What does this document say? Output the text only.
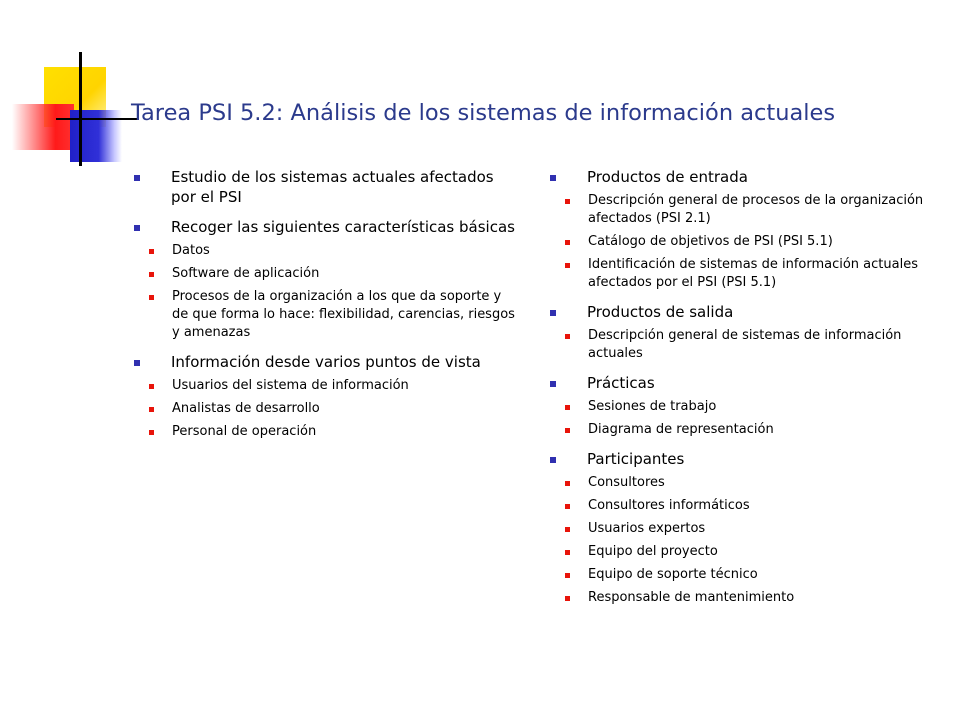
Tarea PSI 5.2: Análisis de los sistemas de información actuales
Estudio de los sistemas actuales afectados por el PSI
Recoger las siguientes características básicas
Datos
Software de aplicación
Procesos de la organización a los que da soporte y de que forma lo hace: flexibilidad, carencias, riesgos y amenazas
Información desde varios puntos de vista
Usuarios del sistema de información
Analistas de desarrollo
Personal de operación
Productos de entrada
Descripción general de procesos de la organización afectados (PSI 2.1)
Catálogo de objetivos de PSI (PSI 5.1)
Identificación de sistemas de información actuales afectados por el PSI (PSI 5.1)
Productos de salida
Descripción general de sistemas de información actuales
Prácticas
Sesiones de trabajo
Diagrama de representación
Participantes
Consultores
Consultores informáticos
Usuarios expertos
Equipo del proyecto
Equipo de soporte técnico
Responsable de mantenimiento
